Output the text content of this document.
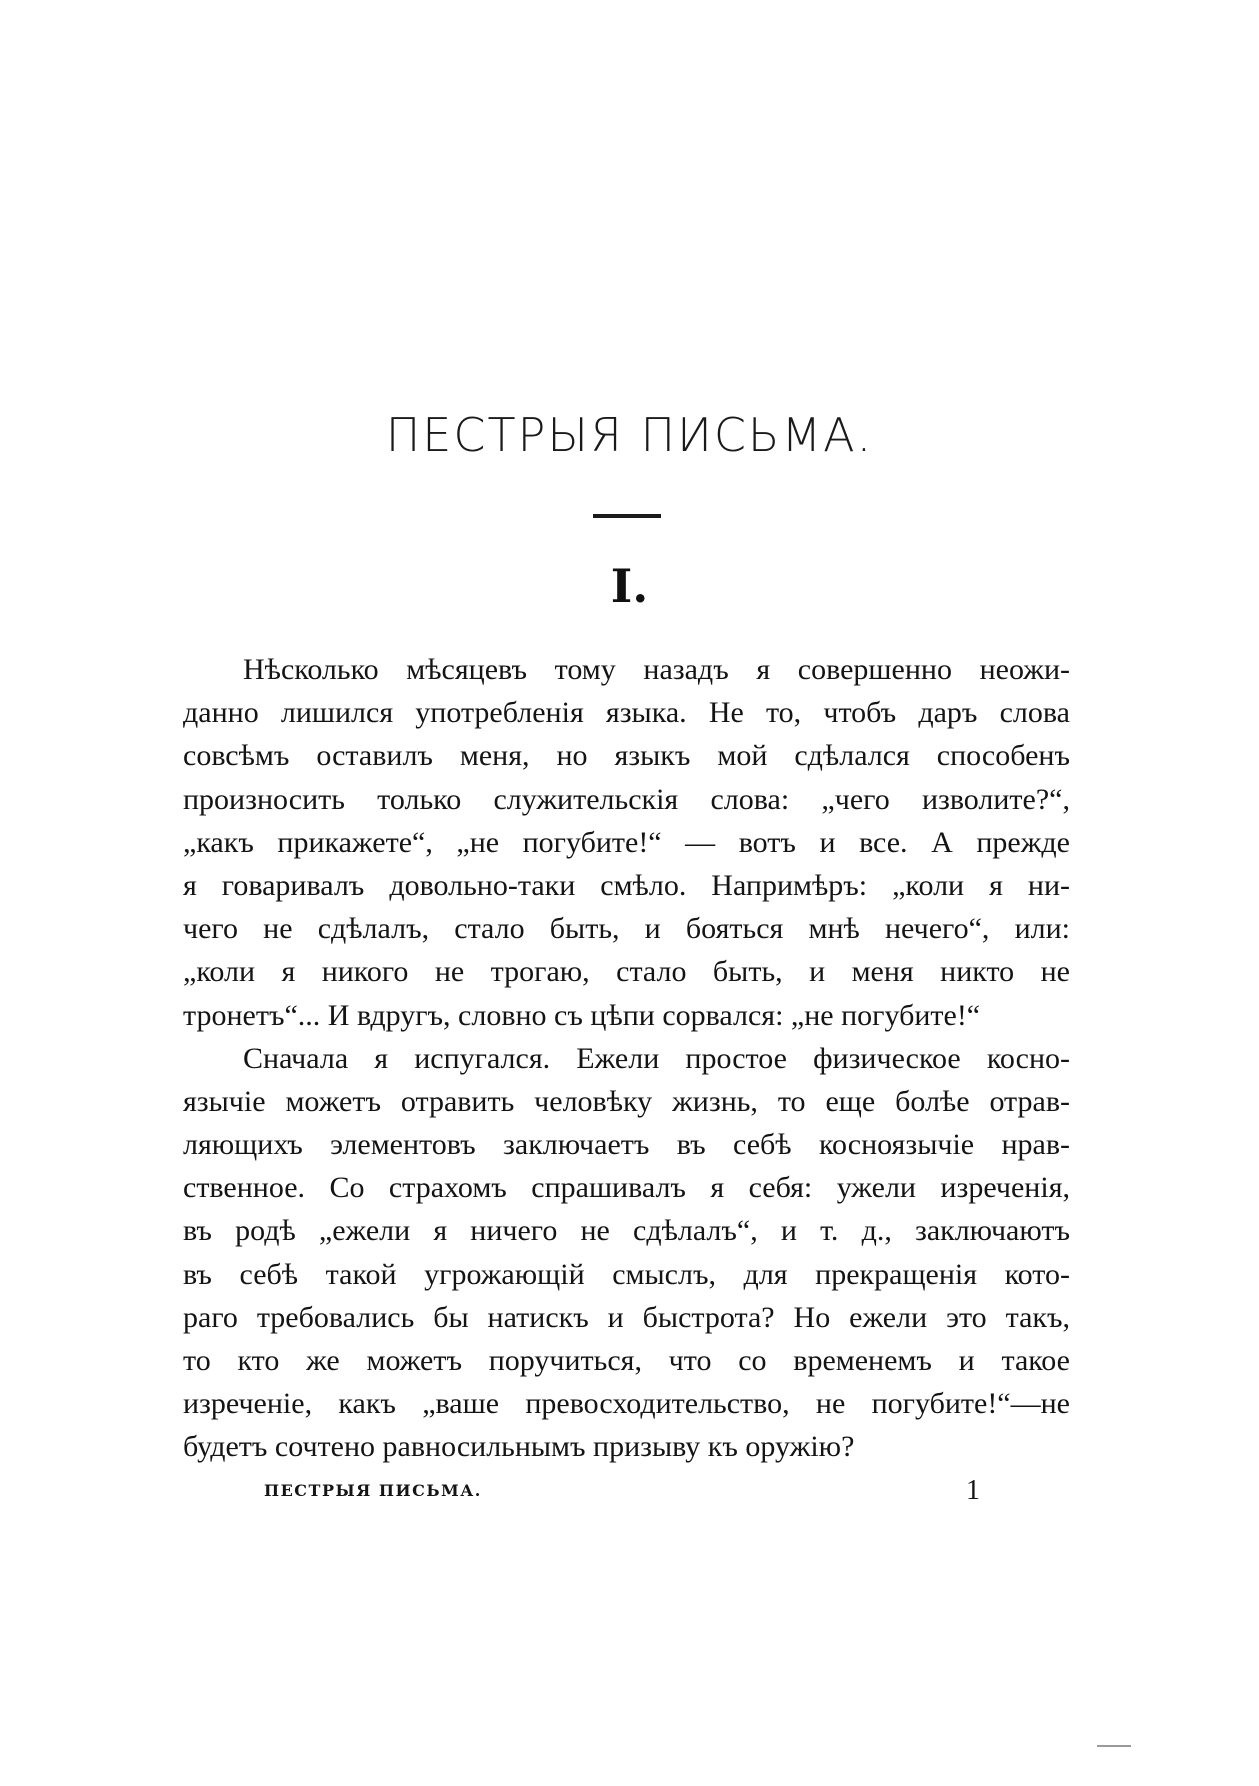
ПЕСТРЫЯ ПИСЬМА.
I.
Нѣсколько мѣсяцевъ тому назадъ я совершенно неожи-
данно лишился употребленія языка. Не то, чтобъ даръ слова
совсѣмъ оставилъ меня, но языкъ мой сдѣлался способенъ
произносить только служительскія слова: „чего изволите?“,
„какъ прикажете“, „не погубите!“ — вотъ и все. А прежде
я говаривалъ довольно-таки смѣло. Напримѣръ: „коли я ни-
чего не сдѣлалъ, стало быть, и бояться мнѣ нечего“, или:
„коли я никого не трогаю, стало быть, и меня никто не
тронетъ“... И вдругъ, словно съ цѣпи сорвался: „не погубите!“
Сначала я испугался. Ежели простое физическое косно-
язычіе можетъ отравить человѣку жизнь, то еще болѣе отрав-
ляющихъ элементовъ заключаетъ въ себѣ косноязычіе нрав-
ственное. Со страхомъ спрашивалъ я себя: ужели изреченія,
въ родѣ „ежели я ничего не сдѣлалъ“, и т. д., заключаютъ
въ себѣ такой угрожающій смыслъ, для прекращенія кото-
раго требовались бы натискъ и быстрота? Но ежели это такъ,
то кто же можетъ поручиться, что со временемъ и такое
изреченіе, какъ „ваше превосходительство, не погубите!“—не
будетъ сочтено равносильнымъ призыву къ оружію?
ПЕСТРЫЯ ПИСЬМА.	1
